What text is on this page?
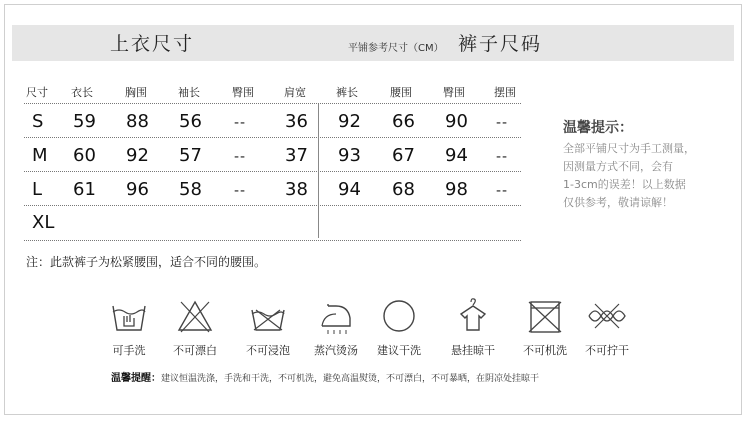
上衣尺寸	平铺参考尺寸（CM） 裤子尺码
尺寸 衣长	胸围	袖长	臀围	肩宽	裤长	腰围	臀围	摆围
S 59 88 56 -- 36 92 66 90 --
M 60 92 57 -- 37 93 67 94 --
L 61 96 58 -- 38 94 68 98 --
XL
温馨提示：
全部平铺尺寸为手工测量，
因测量方式不同，会有
1-3cm的误差！以上数据
仅供参考，敬请谅解！
注：此款裤子为松紧腰围，适合不同的腰围。
可手洗	不可漂白	不可浸泡	蒸汽烫汤	建议干洗	悬挂晾干	不可机洗	不可拧干
温馨提醒：建议恒温洗涤，手洗和干洗，不可机洗，避免高温熨烫，不可漂白，不可暴晒，在阴凉处挂晾干
